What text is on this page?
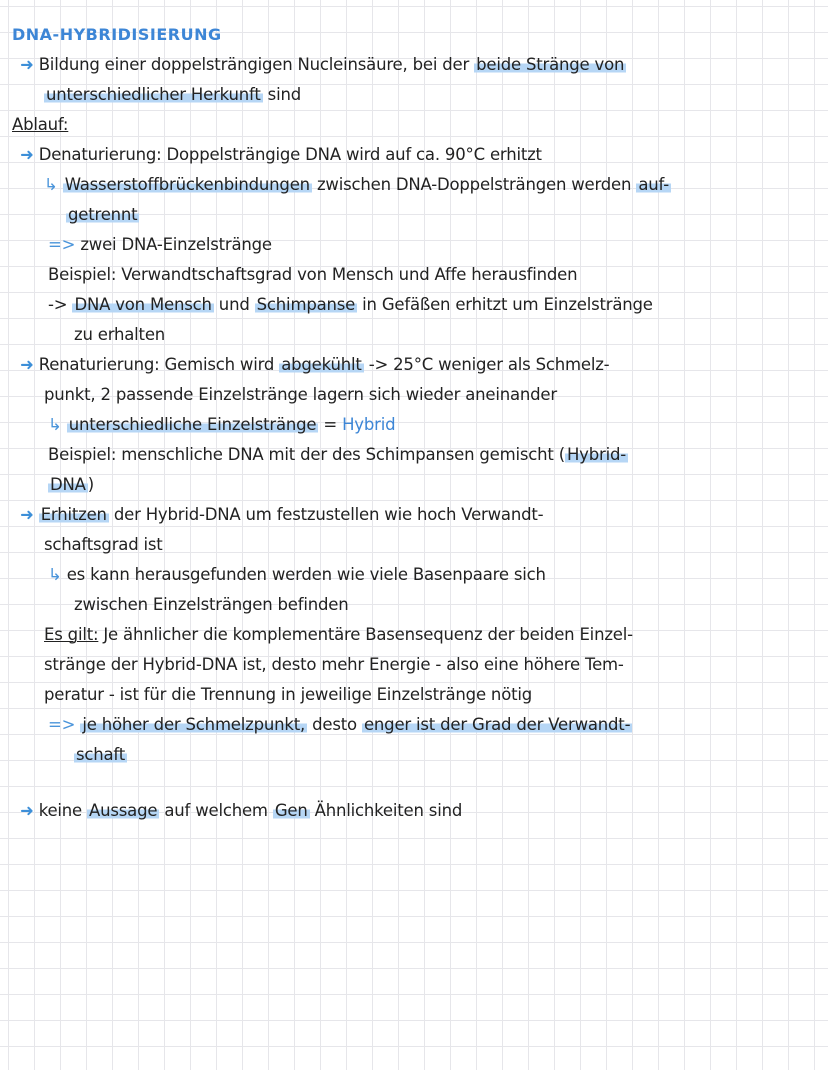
DNA-HYBRIDISIERUNG
➜ Bildung einer doppelsträngigen Nucleinsäure, bei der beide Stränge von
unterschiedlicher Herkunft sind
Ablauf:
➜ Denaturierung: Doppelsträngige DNA wird auf ca. 90°C erhitzt
↳ Wasserstoffbrückenbindungen zwischen DNA-Doppelsträngen werden auf-
getrennt
=> zwei DNA-Einzelstränge
Beispiel: Verwandtschaftsgrad von Mensch und Affe herausfinden
-> DNA von Mensch und Schimpanse in Gefäßen erhitzt um Einzelstränge
zu erhalten
➜ Renaturierung: Gemisch wird abgekühlt -> 25°C weniger als Schmelz-
punkt, 2 passende Einzelstränge lagern sich wieder aneinander
↳ unterschiedliche Einzelstränge = Hybrid
Beispiel: menschliche DNA mit der des Schimpansen gemischt ( Hybrid-
DNA )
➜ Erhitzen der Hybrid-DNA um festzustellen wie hoch Verwandt-
schaftsgrad ist
↳ es kann herausgefunden werden wie viele Basenpaare sich
zwischen Einzelsträngen befinden
Es gilt: Je ähnlicher die komplementäre Basensequenz der beiden Einzel-
stränge der Hybrid-DNA ist, desto mehr Energie - also eine höhere Tem-
peratur - ist für die Trennung in jeweilige Einzelstränge nötig
=> je höher der Schmelzpunkt, desto enger ist der Grad der Verwandt-
schaft
➜ keine Aussage auf welchem Gen Ähnlichkeiten sind
